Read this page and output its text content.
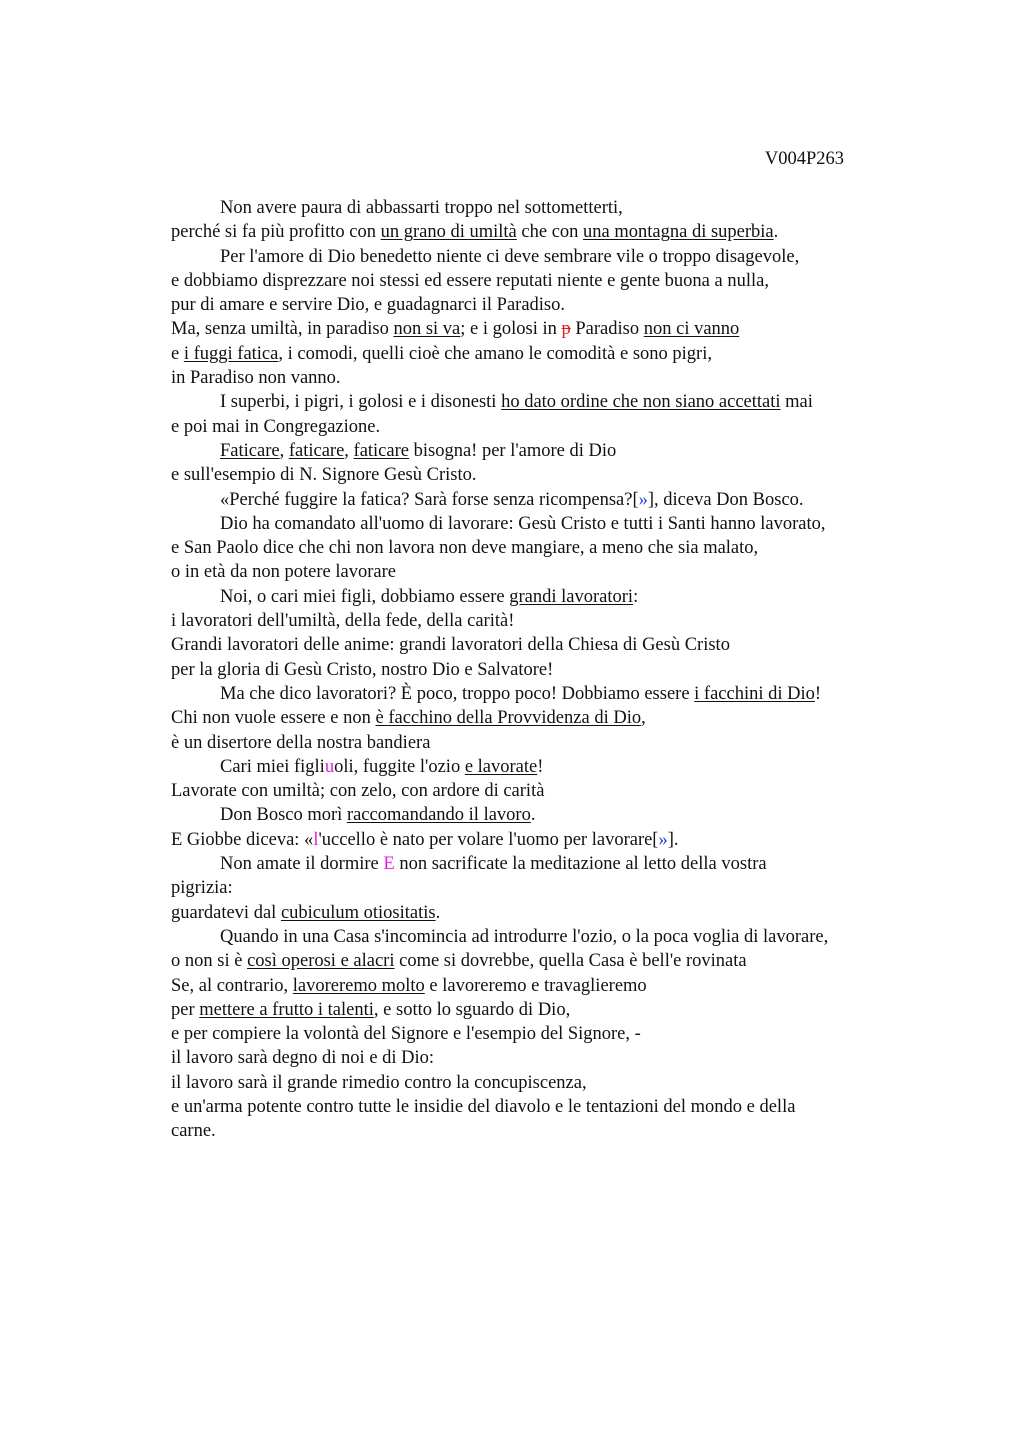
V004P263
Non avere paura di abbassarti troppo nel sottometterti,
perché si fa più profitto con un grano di umiltà che con una montagna di superbia.
Per l'amore di Dio benedetto niente ci deve sembrare vile o troppo disagevole,
e dobbiamo disprezzare noi stessi ed essere reputati niente e gente buona a nulla,
pur di amare e servire Dio, e guadagnarci il Paradiso.
Ma, senza umiltà, in paradiso non si va; e i golosi in p Paradiso non ci vanno
e i fuggi fatica, i comodi, quelli cioè che amano le comodità e sono pigri,
in Paradiso non vanno.
I superbi, i pigri, i golosi e i disonesti ho dato ordine che non siano accettati mai
e poi mai in Congregazione.
Faticare, faticare, faticare bisogna! per l'amore di Dio
e sull'esempio di N. Signore Gesù Cristo.
«Perché fuggire la fatica? Sarà forse senza ricompensa?[»], diceva Don Bosco.
Dio ha comandato all'uomo di lavorare: Gesù Cristo e tutti i Santi hanno lavorato,
e San Paolo dice che chi non lavora non deve mangiare, a meno che sia malato,
o in età da non potere lavorare
Noi, o cari miei figli, dobbiamo essere grandi lavoratori:
i lavoratori dell'umiltà, della fede, della carità!
Grandi lavoratori delle anime: grandi lavoratori della Chiesa di Gesù Cristo
per la gloria di Gesù Cristo, nostro Dio e Salvatore!
Ma che dico lavoratori? È poco, troppo poco! Dobbiamo essere i facchini di Dio!
Chi non vuole essere e non è facchino della Provvidenza di Dio,
è un disertore della nostra bandiera
Cari miei figliuoli, fuggite l'ozio e lavorate!
Lavorate con umiltà; con zelo, con ardore di carità
Don Bosco morì raccomandando il lavoro.
E Giobbe diceva: «l'uccello è nato per volare l'uomo per lavorare[»].
Non amate il dormire E non sacrificate la meditazione al letto della vostra
pigrizia:
guardatevi dal cubiculum otiositatis.
Quando in una Casa s'incomincia ad introdurre l'ozio, o la poca voglia di lavorare,
o non si è così operosi e alacri come si dovrebbe, quella Casa è bell'e rovinata
Se, al contrario, lavoreremo molto e lavoreremo e travaglieremo
per mettere a frutto i talenti, e sotto lo sguardo di Dio,
e per compiere la volontà del Signore e l'esempio del Signore, -
il lavoro sarà degno di noi e di Dio:
il lavoro sarà il grande rimedio contro la concupiscenza,
e un'arma potente contro tutte le insidie del diavolo e le tentazioni del mondo e della
carne.
